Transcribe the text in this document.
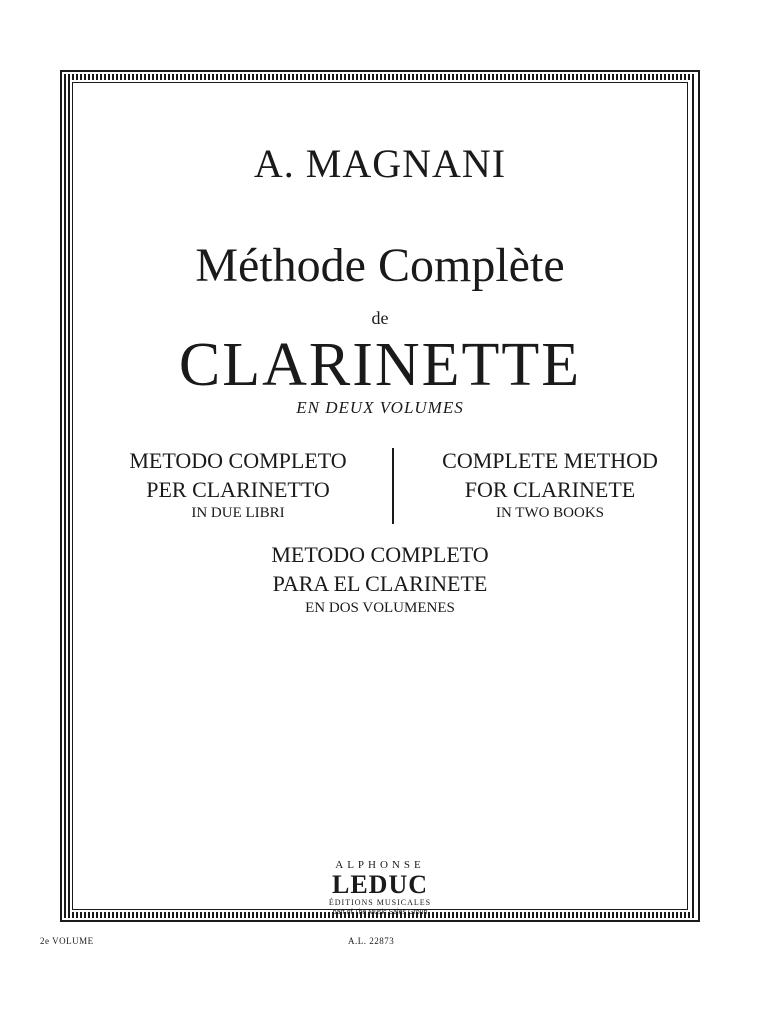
A. MAGNANI
Méthode Complète
de
CLARINETTE
EN DEUX VOLUMES
METODO COMPLETO
PER CLARINETTO
IN DUE LIBRI
COMPLETE METHOD
FOR CLARINETE
IN TWO BOOKS
METODO COMPLETO
PARA EL CLARINETE
EN DOS VOLUMENES
ALPHONSE
LEDUC
ÉDITIONS MUSICALES
part of The Music Sales Group
2e VOLUME	A.L. 22873
